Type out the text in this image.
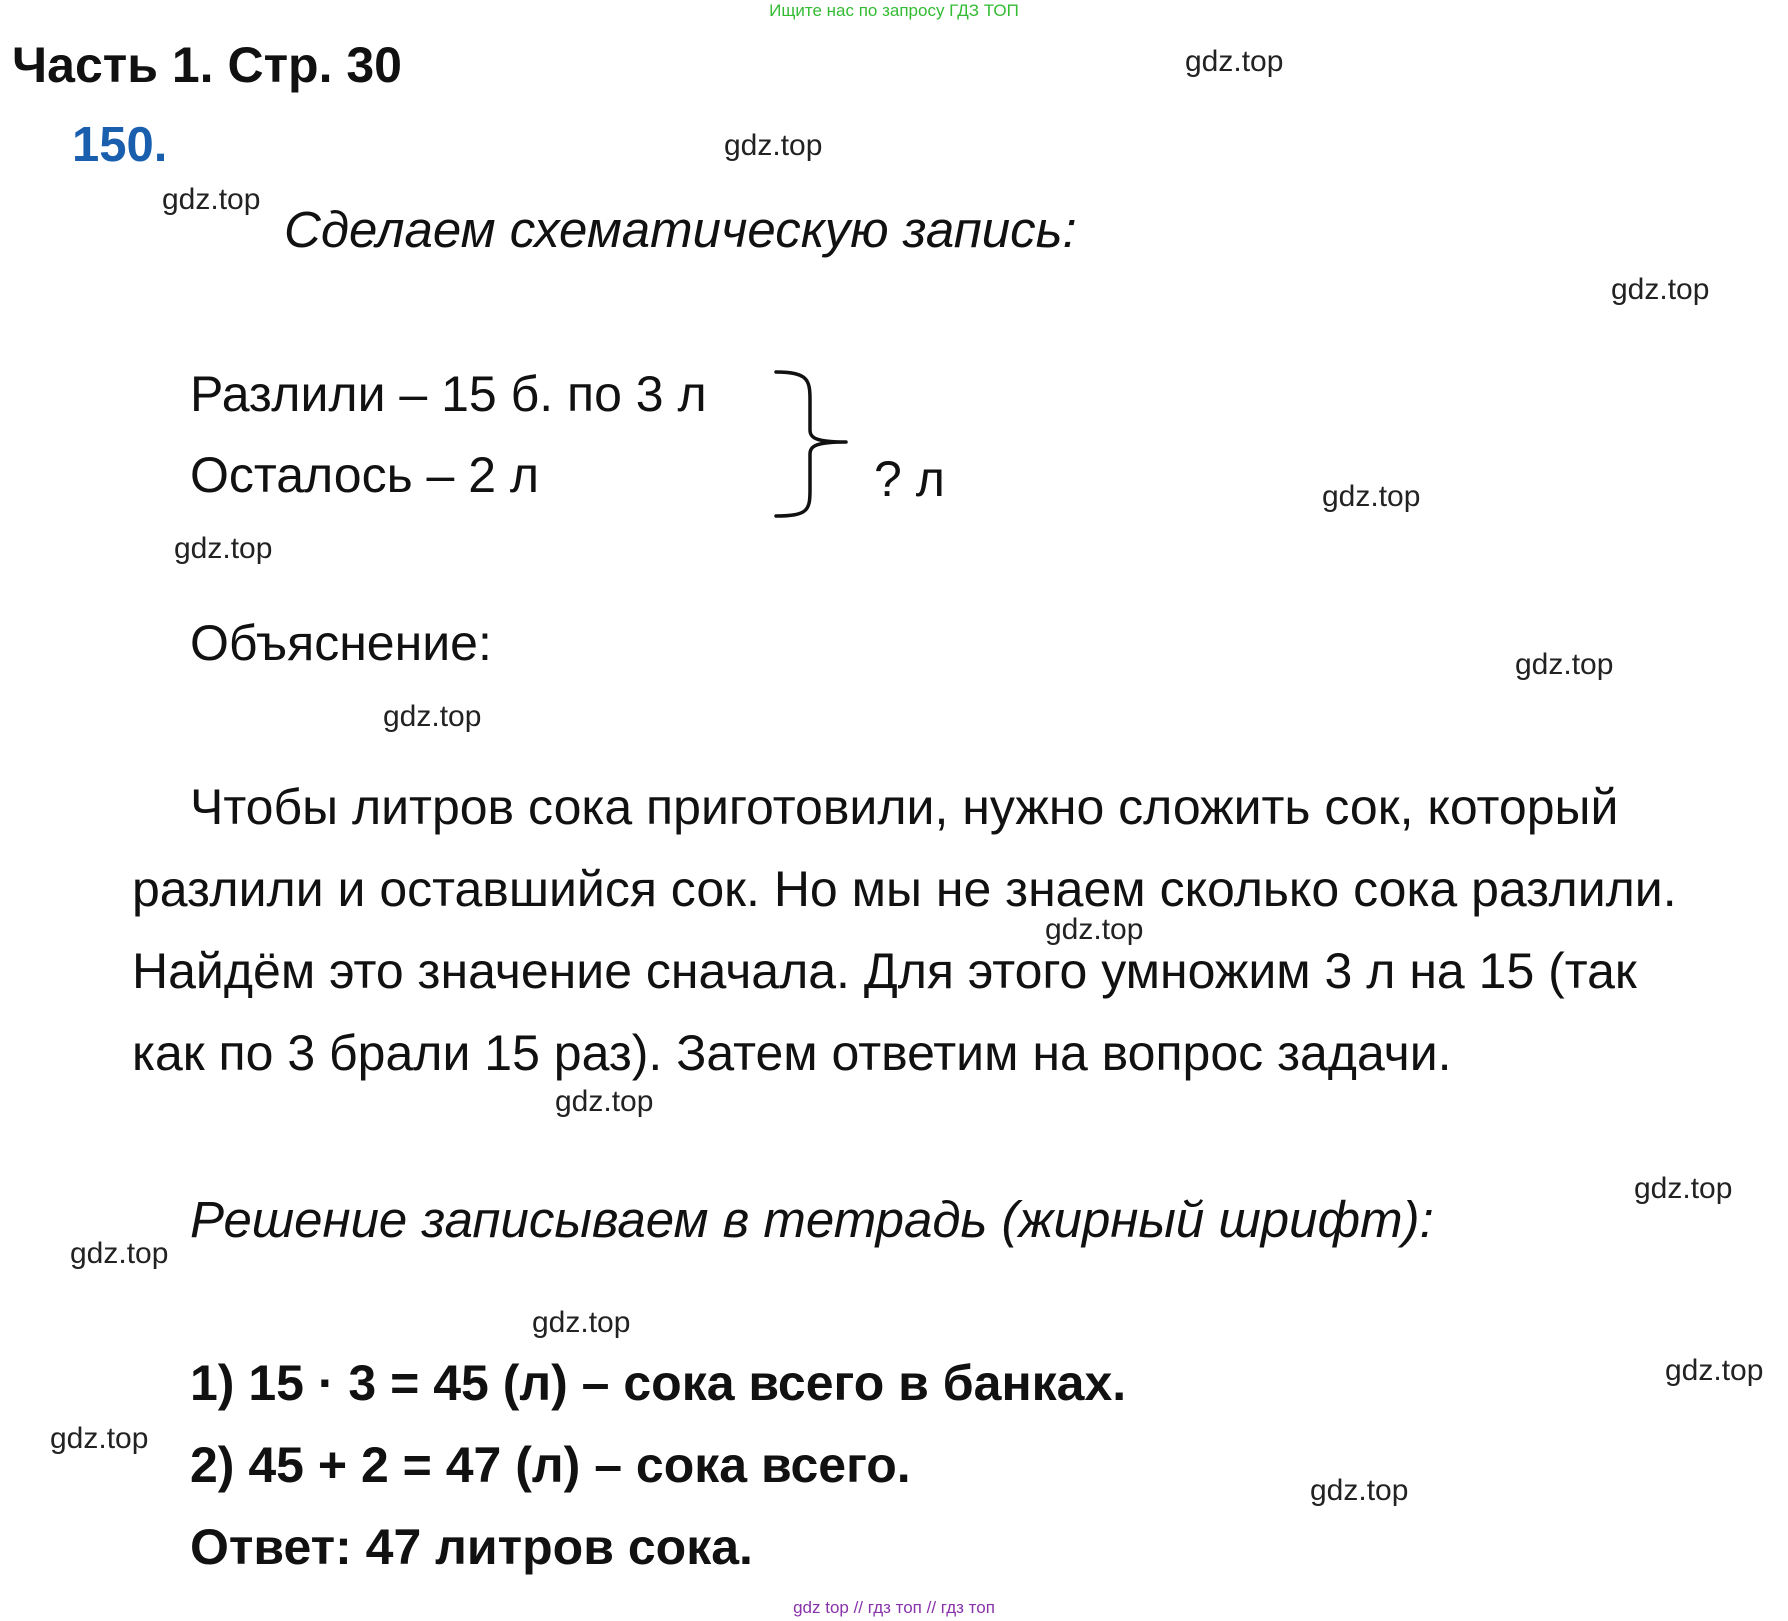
Ищите нас по запросу ГДЗ ТОП
Часть 1. Стр. 30
150.
Сделаем схематическую запись:
Разлили – 15 б. по 3 л
Осталось – 2 л	? л
Объяснение:
Чтобы литров сока приготовили, нужно сложить сок, который
разлили и оставшийся сок. Но мы не знаем сколько сока разлили.
Найдём это значение сначала. Для этого умножим 3 л на 15 (так
как по 3 брали 15 раз). Затем ответим на вопрос задачи.
Решение записываем в тетрадь (жирный шрифт):
1) 15 · 3 = 45 (л) – сока всего в банках.
2) 45 + 2 = 47 (л) – сока всего.
Ответ: 47 литров сока.
gdz.top
gdz.top
gdz.top
gdz.top
gdz.top
gdz.top
gdz.top
gdz.top
gdz.top
gdz.top
gdz.top
gdz.top
gdz.top
gdz.top
gdz.top
gdz.top
gdz top // гдз топ // гдз топ
